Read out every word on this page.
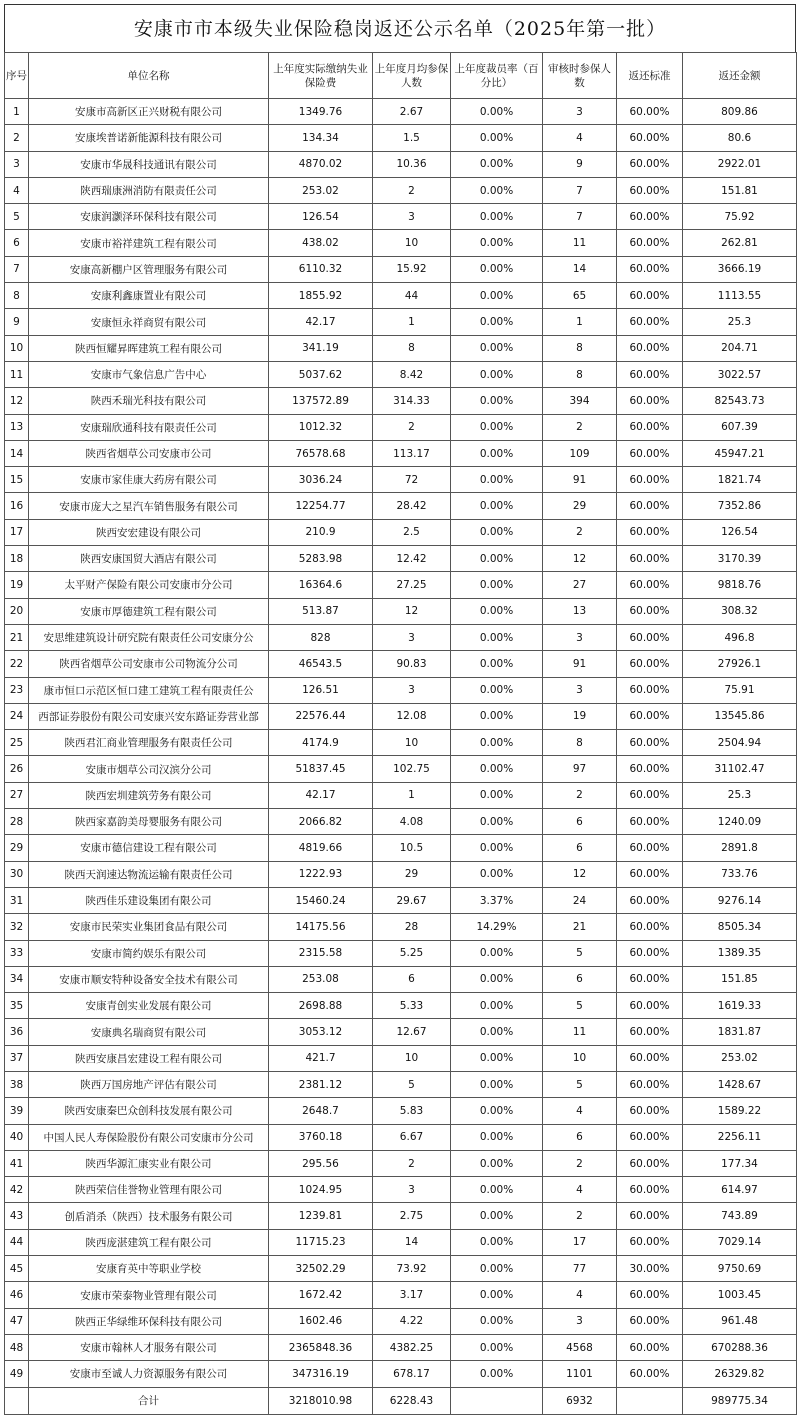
安康市市本级失业保险稳岗返还公示名单（2025年第一批）
序号	单位名称	上年度实际缴纳失业保险费	上年度月均参保人数	上年度裁员率（百分比）	审核时参保人数	返还标准	返还金额
1	安康市高新区正兴财税有限公司	1349.76	2.67	0.00%	3	60.00%	809.86
2	安康埃普诺新能源科技有限公司	134.34	1.5	0.00%	4	60.00%	80.6
3	安康市华晟科技通讯有限公司	4870.02	10.36	0.00%	9	60.00%	2922.01
4	陕西瑞康洲消防有限责任公司	253.02	2	0.00%	7	60.00%	151.81
5	安康润灏泽环保科技有限公司	126.54	3	0.00%	7	60.00%	75.92
6	安康市裕祥建筑工程有限公司	438.02	10	0.00%	11	60.00%	262.81
7	安康高新棚户区管理服务有限公司	6110.32	15.92	0.00%	14	60.00%	3666.19
8	安康利鑫康置业有限公司	1855.92	44	0.00%	65	60.00%	1113.55
9	安康恒永祥商贸有限公司	42.17	1	0.00%	1	60.00%	25.3
10	陕西恒耀昇晖建筑工程有限公司	341.19	8	0.00%	8	60.00%	204.71
11	安康市气象信息广告中心	5037.62	8.42	0.00%	8	60.00%	3022.57
12	陕西禾瑞光科技有限公司	137572.89	314.33	0.00%	394	60.00%	82543.73
13	安康瑞欣通科技有限责任公司	1012.32	2	0.00%	2	60.00%	607.39
14	陕西省烟草公司安康市公司	76578.68	113.17	0.00%	109	60.00%	45947.21
15	安康市家佳康大药房有限公司	3036.24	72	0.00%	91	60.00%	1821.74
16	安康市庞大之星汽车销售服务有限公司	12254.77	28.42	0.00%	29	60.00%	7352.86
17	陕西安宏建设有限公司	210.9	2.5	0.00%	2	60.00%	126.54
18	陕西安康国贸大酒店有限公司	5283.98	12.42	0.00%	12	60.00%	3170.39
19	太平财产保险有限公司安康市分公司	16364.6	27.25	0.00%	27	60.00%	9818.76
20	安康市厚德建筑工程有限公司	513.87	12	0.00%	13	60.00%	308.32
21	安思维建筑设计研究院有限责任公司安康分公	828	3	0.00%	3	60.00%	496.8
22	陕西省烟草公司安康市公司物流分公司	46543.5	90.83	0.00%	91	60.00%	27926.1
23	康市恒口示范区恒口建工建筑工程有限责任公	126.51	3	0.00%	3	60.00%	75.91
24	西部证券股份有限公司安康兴安东路证券营业部	22576.44	12.08	0.00%	19	60.00%	13545.86
25	陕西君汇商业管理服务有限责任公司	4174.9	10	0.00%	8	60.00%	2504.94
26	安康市烟草公司汉滨分公司	51837.45	102.75	0.00%	97	60.00%	31102.47
27	陕西宏圳建筑劳务有限公司	42.17	1	0.00%	2	60.00%	25.3
28	陕西家嘉韵美母婴服务有限公司	2066.82	4.08	0.00%	6	60.00%	1240.09
29	安康市德信建设工程有限公司	4819.66	10.5	0.00%	6	60.00%	2891.8
30	陕西天润速达物流运输有限责任公司	1222.93	29	0.00%	12	60.00%	733.76
31	陕西佳乐建设集团有限公司	15460.24	29.67	3.37%	24	60.00%	9276.14
32	安康市民荣实业集团食品有限公司	14175.56	28	14.29%	21	60.00%	8505.34
33	安康市简约娱乐有限公司	2315.58	5.25	0.00%	5	60.00%	1389.35
34	安康市顺安特种设备安全技术有限公司	253.08	6	0.00%	6	60.00%	151.85
35	安康青创实业发展有限公司	2698.88	5.33	0.00%	5	60.00%	1619.33
36	安康典名瑞商贸有限公司	3053.12	12.67	0.00%	11	60.00%	1831.87
37	陕西安康昌宏建设工程有限公司	421.7	10	0.00%	10	60.00%	253.02
38	陕西万国房地产评估有限公司	2381.12	5	0.00%	5	60.00%	1428.67
39	陕西安康秦巴众创科技发展有限公司	2648.7	5.83	0.00%	4	60.00%	1589.22
40	中国人民人寿保险股份有限公司安康市分公司	3760.18	6.67	0.00%	6	60.00%	2256.11
41	陕西华源汇康实业有限公司	295.56	2	0.00%	2	60.00%	177.34
42	陕西荣信佳誉物业管理有限公司	1024.95	3	0.00%	4	60.00%	614.97
43	创盾消杀（陕西）技术服务有限公司	1239.81	2.75	0.00%	2	60.00%	743.89
44	陕西庞湛建筑工程有限公司	11715.23	14	0.00%	17	60.00%	7029.14
45	安康育英中等职业学校	32502.29	73.92	0.00%	77	30.00%	9750.69
46	安康市荣泰物业管理有限公司	1672.42	3.17	0.00%	4	60.00%	1003.45
47	陕西正华绿维环保科技有限公司	1602.46	4.22	0.00%	3	60.00%	961.48
48	安康市翰林人才服务有限公司	2365848.36	4382.25	0.00%	4568	60.00%	670288.36
49	安康市至诚人力资源服务有限公司	347316.19	678.17	0.00%	1101	60.00%	26329.82
	合计	3218010.98	6228.43		6932		989775.34
